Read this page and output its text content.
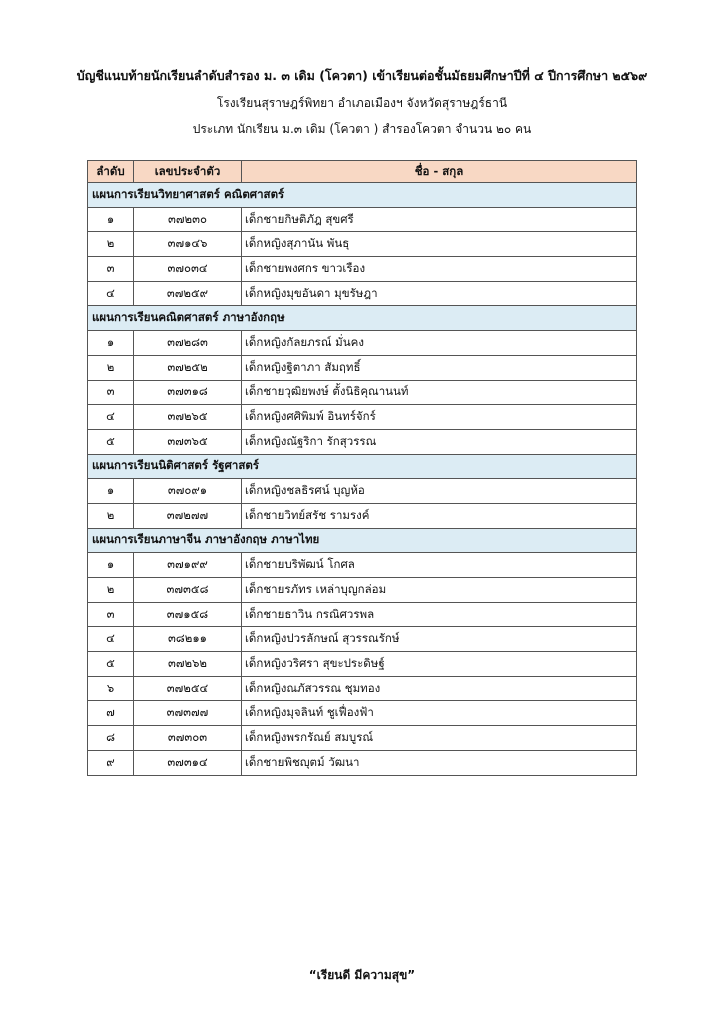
บัญชีแนบท้ายนักเรียนลำดับสำรอง ม. ๓ เดิม (โควตา) เข้าเรียนต่อชั้นมัธยมศึกษาปีที่ ๔ ปีการศึกษา ๒๕๖๙
โรงเรียนสุราษฎร์พิทยา อำเภอเมืองฯ จังหวัดสุราษฎร์ธานี
ประเภท นักเรียน ม.๓ เดิม (โควตา ) สำรองโควตา จำนวน ๒๐ คน
ลำดับ	เลขประจำตัว	ชื่อ - สกุล
แผนการเรียนวิทยาศาสตร์ คณิตศาสตร์		
๑	๓๗๒๓๐	เด็กชายกิษติภัฎ สุขศรี
๒	๓๗๑๔๖	เด็กหญิงสุภานัน พันธุ
๓	๓๗๐๓๔	เด็กชายพงศกร ขาวเรือง
๔	๓๗๒๕๙	เด็กหญิงมุขอันดา มุขรัษฎา
แผนการเรียนคณิตศาสตร์ ภาษาอังกฤษ		
๑	๓๗๒๘๓	เด็กหญิงกัลยภรณ์ มั่นคง
๒	๓๗๒๕๒	เด็กหญิงฐิตาภา สัมฤทธิ์
๓	๓๗๓๑๘	เด็กชายวุฒิยพงษ์ ตั้งนิธิคุณานนท์
๔	๓๗๒๖๕	เด็กหญิงศศิพิมพ์ อินทร์จักร์
๕	๓๗๓๖๕	เด็กหญิงณัฐริกา รักสุวรรณ
แผนการเรียนนิติศาสตร์ รัฐศาสตร์		
๑	๓๗๐๙๑	เด็กหญิงชลธิรศน์ บุญห้อ
๒	๓๗๒๗๗	เด็กชายวิทย์สรัช รามรงค์
แผนการเรียนภาษาจีน ภาษาอังกฤษ ภาษาไทย		
๑	๓๗๑๙๙	เด็กชายบริพัฒน์ โกศล
๒	๓๗๓๕๘	เด็กชายรภัทร เหล่าบุญกล่อม
๓	๓๗๑๕๘	เด็กชายธาวิน กรณิศวรพล
๔	๓๘๒๑๑	เด็กหญิงปวรลักษณ์ สุวรรณรักษ์
๕	๓๗๒๖๒	เด็กหญิงวริศรา สุขะประดิษฐ์
๖	๓๗๒๕๔	เด็กหญิงณภัสวรรณ ชุมทอง
๗	๓๗๓๗๗	เด็กหญิงมุจลินท์ ชูเฟื่องฟ้า
๘	๓๗๓๐๓	เด็กหญิงพรกรัณย์ สมบูรณ์
๙	๓๗๓๑๔	เด็กชายพิชญุตม์ วัฒนา
“เรียนดี มีความสุข”
